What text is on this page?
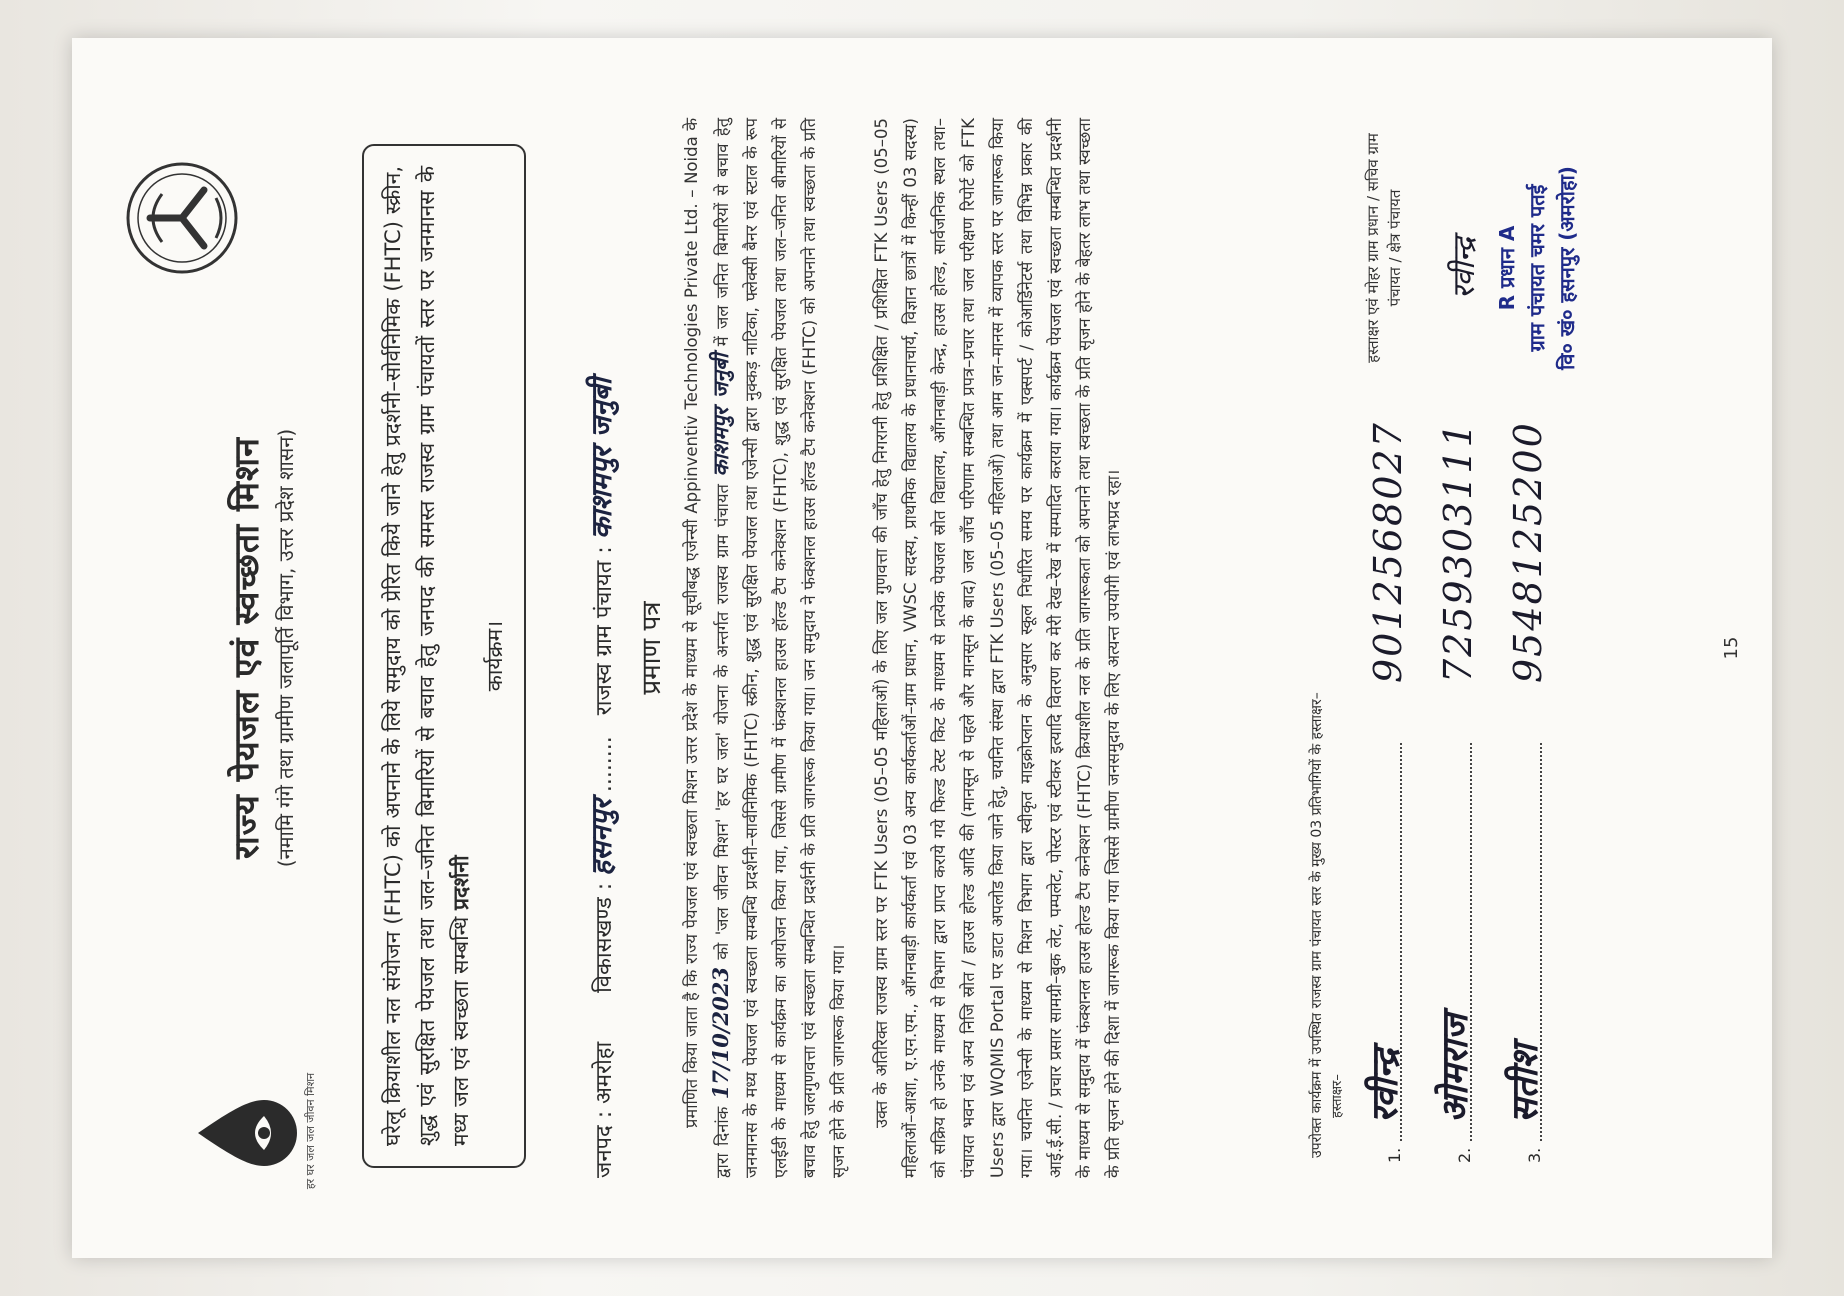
हर घर जल जल जीवन मिशन
राज्य पेयजल एवं स्वच्छता मिशन (नमामि गंगे तथा ग्रामीण जलापूर्ति विभाग, उत्तर प्रदेश शासन)	घरेलू क्रियाशील नल संयोजन (FHTC) को अपनाने के लिये समुदाय को प्रेरित किये जाने हेतु प्रदर्शनी–सोर्वनिमिक (FHTC) स्क्रीन, शुद्ध एवं सुरक्षित पेयजल तथा जल–जनित बिमारियों से बचाव हेतु जनपद की समस्त राजस्व ग्राम पंचायतों स्तर पर जनमानस के मध्य जल एवं स्वच्छता सम्बन्धि प्रदर्शनी
कार्यक्रम।
जनपद : अमरोहा       विकासखण्ड : हसनपुर ........   राजस्व ग्राम पंचायत : काशमपुर जनुबी
प्रमाण पत्र प्रमाणित किया जाता है कि राज्य पेयजल एवं स्वच्छता मिशन उत्तर प्रदेश के माध्यम से सूचीबद्ध एजेन्सी Appinventiv Technologies Private Ltd. – Noida के द्वारा दिनांक 17/10/2023 को 'जल जीवन मिशन' 'हर घर जल' योजना के अन्तर्गत राजस्व ग्राम पंचायत काशमपुर जनुबी में जल जनित बिमारियों से बचाव हेतु जनमानस के मध्य पेयजल एवं स्वच्छता सम्बन्धि प्रदर्शनी–सार्वनिमिक (FHTC) स्क्रीन, शुद्ध एवं सुरक्षित पेयजल तथा एजेन्सी द्वारा नुक्कड़ नाटिका, फ्लेक्सी बैनर एवं स्टाल के रूप एलईडी के माध्यम से कार्यक्रम का आयोजन किया गया, जिससे ग्रामीण में फंक्शनल हाउस हॉल्ड टैप कनेक्शन (FHTC), शुद्ध एवं सुरक्षित पेयजल तथा जल–जनित बीमारियों से बचाव हेतु जलगुणवत्ता एवं स्वच्छता सम्बन्धित प्रदर्शनी के प्रति जागरूक किया गया। जन समुदाय ने फंक्शनल हाउस हॉल्ड टैप कनेक्शन (FHTC) को अपनाने तथा स्वच्छता के प्रति सृजन होने के प्रति जागरूक किया गया।	उक्त के अतिरिक्त राजस्व ग्राम स्तर पर FTK Users (05–05 महिलाओं) के लिए जल गुणवत्ता की जाँच हेतु निगरानी हेतु प्रशिक्षित / प्रशिक्षित FTK Users (05–05 महिलाओं–आशा, ए.एन.एम., आँगनबाड़ी कार्यकर्ता एवं 03 अन्य कार्यकर्ताओं–ग्राम प्रधान, VWSC सदस्य, प्राथमिक विद्यालय के प्रधानाचार्य, विज्ञान छात्रों में किन्हीं 03 सदस्य) को सक्रिय हो उनके माध्यम से विभाग द्वारा प्राप्त कराये गये फिल्ड टेस्ट किट के माध्यम से प्रत्येक पेयजल स्रोत विद्यालय, आँगनबाड़ी केन्द्र, हाउस होल्ड, सार्वजनिक स्थल तथा–पंचायत भवन एवं अन्य निजि स्रोत / हाउस होल्ड आदि की (मानसून से पहले और मानसून के बाद) जल जाँच परिणाम सम्बन्धित प्रपत्र–प्रचार तथा जल परीक्षण रिपोर्ट को FTK Users द्वारा WQMIS Portal पर डाटा अपलोड किया जाने हेतु, चयनित संस्था द्वारा FTK Users (05–05 महिलाओं) तथा आम जन–मानस में व्यापक स्तर पर जागरूक किया गया। चयनित एजेन्सी के माध्यम से मिशन विभाग द्वारा स्वीकृत माइक्रोप्लान के अनुसार स्कूल निर्धारित समय पर कार्यक्रम में एक्सपर्ट / कोआर्डिनेटर्स तथा विभिन्न प्रकार की आई.ई.सी. / प्रचार प्रसार सामग्री–बुक लेट, पम्पलेट, पोस्टर एवं स्टीकर इत्यादि वितरण कर मेरी देख–रेख में सम्पादित कराया गया। कार्यक्रम पेयजल एवं स्वच्छता सम्बन्धित प्रदर्शनी के माध्यम से समुदाय में फंक्शनल हाउस होल्ड टैप कनेक्शन (FHTC) क्रियाशील नल के प्रति जागरूकता को अपनाने तथा स्वच्छता के प्रति सृजन होने के बेहतर लाभ तथा स्वच्छता के प्रति सृजन होने की दिशा में जागरूक किया गया जिससे ग्रामीण जनसमुदाय के लिए अत्यन्त उपयोगी एवं लाभप्रद रहा।	उपरोक्त कार्यक्रम में उपस्थित राजस्व ग्राम पंचायत स्तर के मुख्य 03 प्रतिभागियों के हस्ताक्षर– हस्ताक्षर–
1.
रवीन्द्र
9012568027
2.
ओमराज
7259303111
3.
सतीश
9548125200
हस्ताक्षर एवं मोहर ग्राम प्रधान / सचिव ग्राम पंचायत / क्षेत्र पंचायत रवीन्द्र R प्रधान A ग्राम पंचायत चमर पतई वि० खं० हसनपुर (अमरोहा)
15
